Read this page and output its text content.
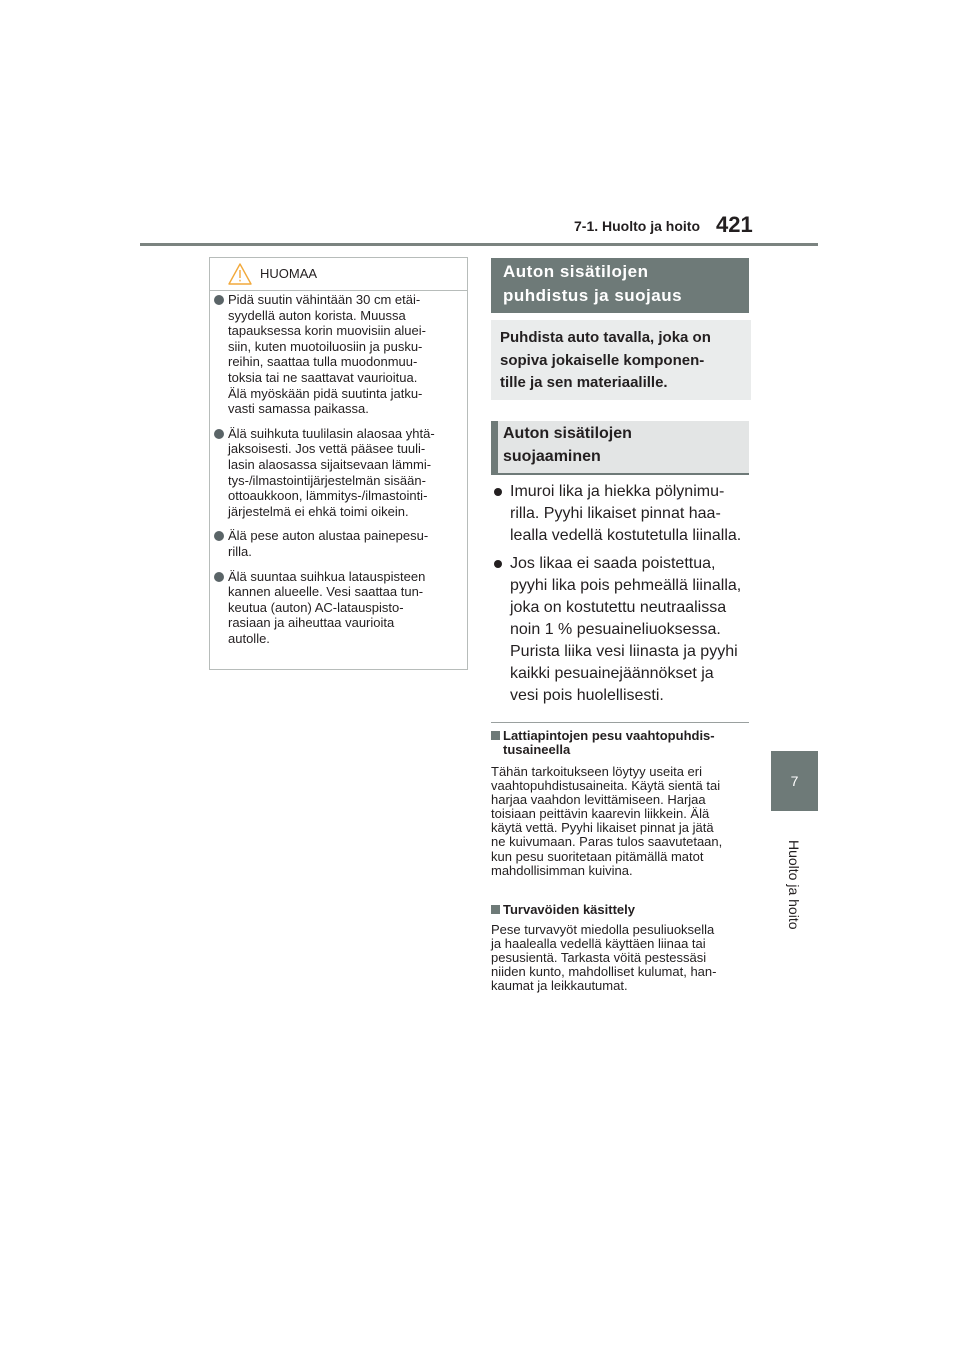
7-1. Huolto ja hoito 421
7
Huolto ja hoito
HUOMAA

Pidä suutin vähintään 30 cm etäi-

syydellä auton korista. Muussa

tapauksessa korin muovisiin aluei-

siin, kuten muotoiluosiin ja pusku-

reihin, saattaa tulla muodonmuu-

toksia tai ne saattavat vaurioitua.

Älä myöskään pidä suutinta jatku-

vasti samassa paikassa.

Älä suihkuta tuulilasin alaosaa yhtä-

jaksoisesti. Jos vettä pääsee tuuli-

lasin alaosassa sijaitsevaan lämmi-

tys-/ilmastointijärjestelmän sisään-

ottoaukkoon, lämmitys-/ilmastointi-

järjestelmä ei ehkä toimi oikein.

Älä pese auton alustaa painepesu-

rilla.

Älä suuntaa suihkua latauspisteen

kannen alueelle. Vesi saattaa tun-

keutua (auton) AC-latauspisto-

rasiaan ja aiheuttaa vaurioita

autolle.

Auton sisätilojen
puhdistus ja suojaus
Puhdista auto tavalla, joka on
sopiva jokaiselle komponen-
tille ja sen materiaalille.
Auton sisätilojen
suojaaminen

Imuroi lika ja hiekka pölynimu-

rilla. Pyyhi likaiset pinnat haa-

lealla vedellä kostutetulla liinalla.

Jos likaa ei saada poistettua,

pyyhi lika pois pehmeällä liinalla,

joka on kostutettu neutraalissa

noin 1 % pesuaineliuoksessa.

Purista liika vesi liinasta ja pyyhi

kaikki pesuainejäännökset ja

vesi pois huolellisesti.

Lattiapintojen pesu vaahtopuhdis-

tusaineella

Tähän tarkoitukseen löytyy useita eri

vaahtopuhdistusaineita. Käytä sientä tai

harjaa vaahdon levittämiseen. Harjaa

toisiaan peittävin kaarevin liikkein. Älä

käytä vettä. Pyyhi likaiset pinnat ja jätä

ne kuivumaan. Paras tulos saavutetaan,

kun pesu suoritetaan pitämällä matot

mahdollisimman kuivina.

Turvavöiden käsittely

Pese turvavyöt miedolla pesuliuoksella

ja haalealla vedellä käyttäen liinaa tai

pesusientä. Tarkasta vöitä pestessäsi

niiden kunto, mahdolliset kulumat, han-

kaumat ja leikkautumat.
